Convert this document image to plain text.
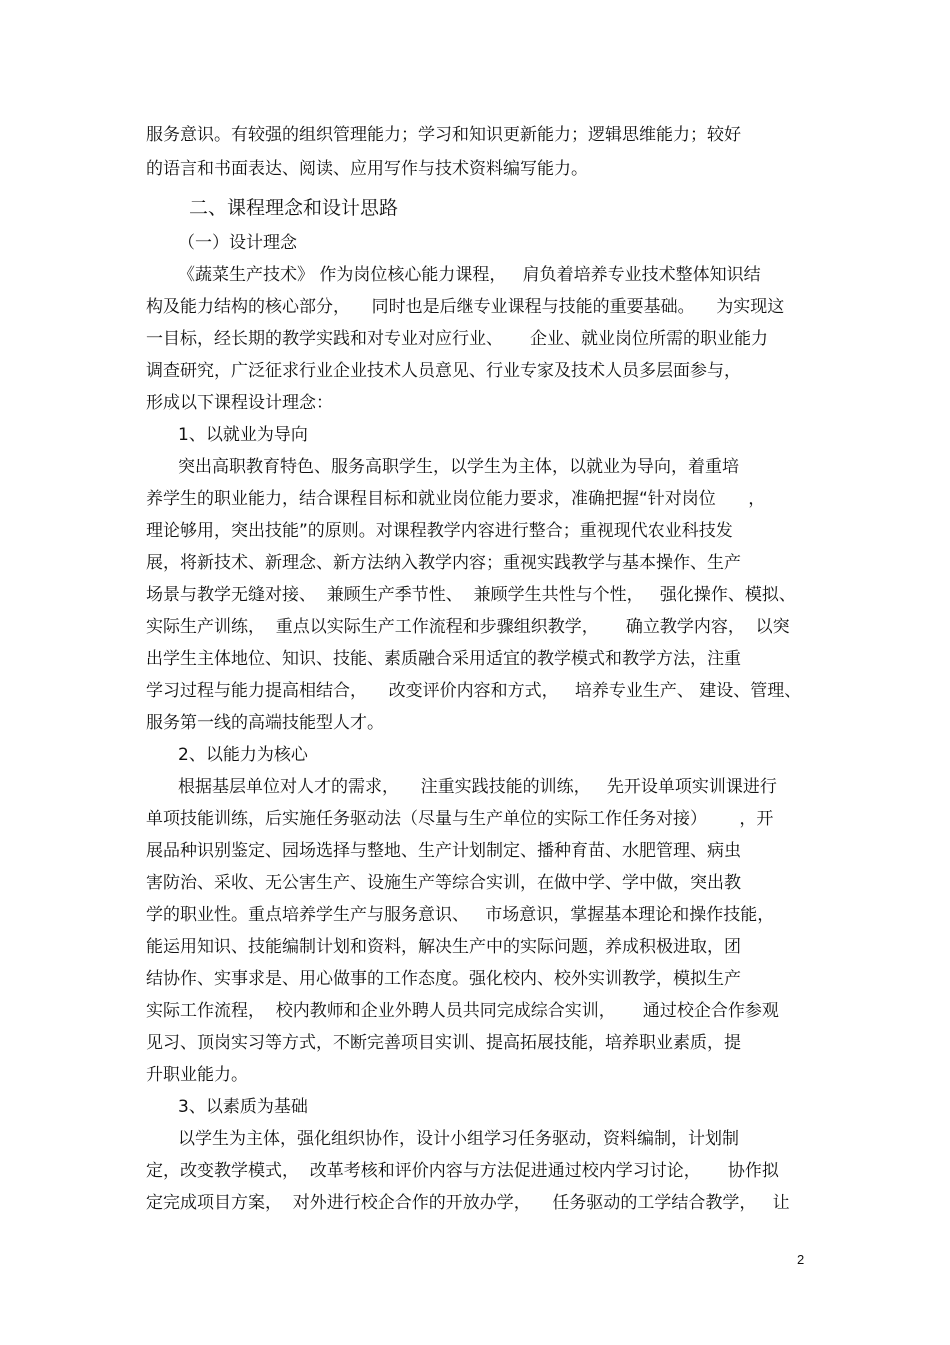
服务意识。有较强的组织管理能力；学习和知识更新能力；逻辑思维能力；较好
的语言和书面表达、阅读、应用写作与技术资料编写能力。
二、课程理念和设计思路
（一）设计理念
《蔬菜生产技术》 作为岗位核心能力课程，   肩负着培养专业技术整体知识结
构及能力结构的核心部分，    同时也是后继专业课程与技能的重要基础。    为实现这
一目标，经长期的教学实践和对专业对应行业、     企业、就业岗位所需的职业能力
调查研究，广泛征求行业企业技术人员意见、行业专家及技术人员多层面参与，
形成以下课程设计理念：
1、以就业为导向
突出高职教育特色、服务高职学生，以学生为主体，以就业为导向，着重培
养学生的职业能力，结合课程目标和就业岗位能力要求，准确把握“针对岗位      ，
理论够用，突出技能”的原则。对课程教学内容进行整合；重视现代农业科技发
展，将新技术、新理念、新方法纳入教学内容；重视实践教学与基本操作、生产
场景与教学无缝对接、  兼顾生产季节性、  兼顾学生共性与个性，   强化操作、模拟、
实际生产训练，  重点以实际生产工作流程和步骤组织教学，     确立教学内容，  以突
出学生主体地位、知识、技能、素质融合采用适宜的教学模式和教学方法，注重
学习过程与能力提高相结合，    改变评价内容和方式，   培养专业生产、 建设、管理、
服务第一线的高端技能型人才。
2、以能力为核心
根据基层单位对人才的需求，    注重实践技能的训练，   先开设单项实训课进行
单项技能训练，后实施任务驱动法（尽量与生产单位的实际工作任务对接）      ，开
展品种识别鉴定、园场选择与整地、生产计划制定、播种育苗、水肥管理、病虫
害防治、采收、无公害生产、设施生产等综合实训，在做中学、学中做，突出教
学的职业性。重点培养学生产与服务意识、   市场意识，掌握基本理论和操作技能，
能运用知识、技能编制计划和资料，解决生产中的实际问题，养成积极进取，团
结协作、实事求是、用心做事的工作态度。强化校内、校外实训教学，模拟生产
实际工作流程，  校内教师和企业外聘人员共同完成综合实训，     通过校企合作参观
见习、顶岗实习等方式，不断完善项目实训、提高拓展技能，培养职业素质，提
升职业能力。
3、以素质为基础
以学生为主体，强化组织协作，设计小组学习任务驱动，资料编制，计划制
定，改变教学模式，  改革考核和评价内容与方法促进通过校内学习讨论，     协作拟
定完成项目方案，  对外进行校企合作的开放办学，    任务驱动的工学结合教学，   让
2
